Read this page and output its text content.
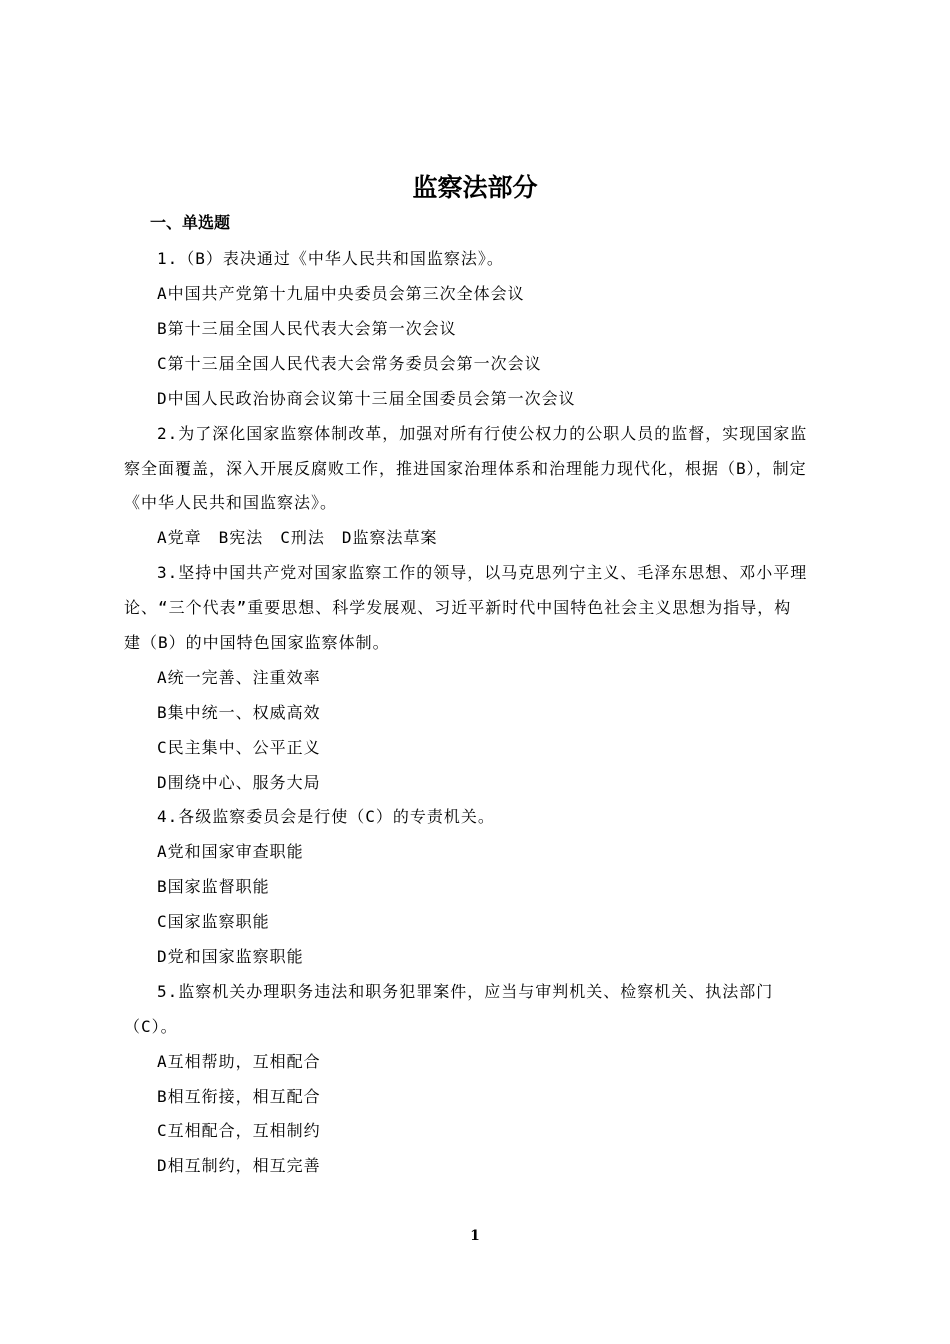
监察法部分
一、单选题
1.（B）表决通过《中华人民共和国监察法》。
A中国共产党第十九届中央委员会第三次全体会议
B第十三届全国人民代表大会第一次会议
C第十三届全国人民代表大会常务委员会第一次会议
D中国人民政治协商会议第十三届全国委员会第一次会议
2.为了深化国家监察体制改革，加强对所有行使公权力的公职人员的监督，实现国家监
察全面覆盖，深入开展反腐败工作，推进国家治理体系和治理能力现代化，根据（B），制定
《中华人民共和国监察法》。
A党章　B宪法　C刑法　D监察法草案
3.坚持中国共产党对国家监察工作的领导，以马克思列宁主义、毛泽东思想、邓小平理
论、“三个代表”重要思想、科学发展观、习近平新时代中国特色社会主义思想为指导，构
建（B）的中国特色国家监察体制。
A统一完善、注重效率
B集中统一、权威高效
C民主集中、公平正义
D围绕中心、服务大局
4.各级监察委员会是行使（C）的专责机关。
A党和国家审查职能
B国家监督职能
C国家监察职能
D党和国家监察职能
5.监察机关办理职务违法和职务犯罪案件，应当与审判机关、检察机关、执法部门
（C）。
A互相帮助，互相配合
B相互衔接，相互配合
C互相配合，互相制约
D相互制约，相互完善
1
